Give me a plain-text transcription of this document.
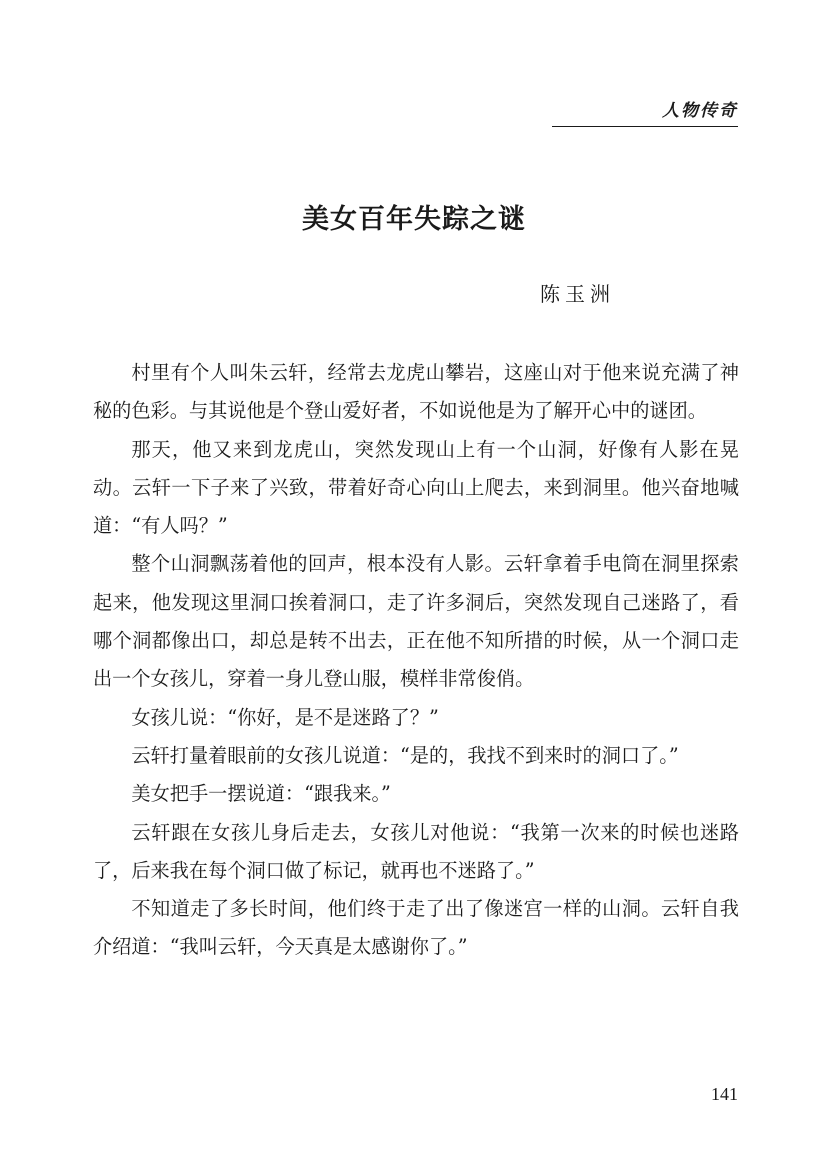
人物传奇
美女百年失踪之谜
陈玉洲

村里有个人叫朱云轩，经常去龙虎山攀岩，这座山对于他来说充满了神秘的色彩。与其说他是个登山爱好者，不如说他是为了解开心中的谜团。

那天，他又来到龙虎山，突然发现山上有一个山洞，好像有人影在晃动。云轩一下子来了兴致，带着好奇心向山上爬去，来到洞里。他兴奋地喊道：“有人吗？”

整个山洞飘荡着他的回声，根本没有人影。云轩拿着手电筒在洞里探索起来，他发现这里洞口挨着洞口，走了许多洞后，突然发现自己迷路了，看哪个洞都像出口，却总是转不出去，正在他不知所措的时候，从一个洞口走出一个女孩儿，穿着一身儿登山服，模样非常俊俏。

女孩儿说：“你好，是不是迷路了？”

云轩打量着眼前的女孩儿说道：“是的，我找不到来时的洞口了。”

美女把手一摆说道：“跟我来。”

云轩跟在女孩儿身后走去，女孩儿对他说：“我第一次来的时候也迷路了，后来我在每个洞口做了标记，就再也不迷路了。”

不知道走了多长时间，他们终于走了出了像迷宫一样的山洞。云轩自我介绍道：“我叫云轩，今天真是太感谢你了。”

141
